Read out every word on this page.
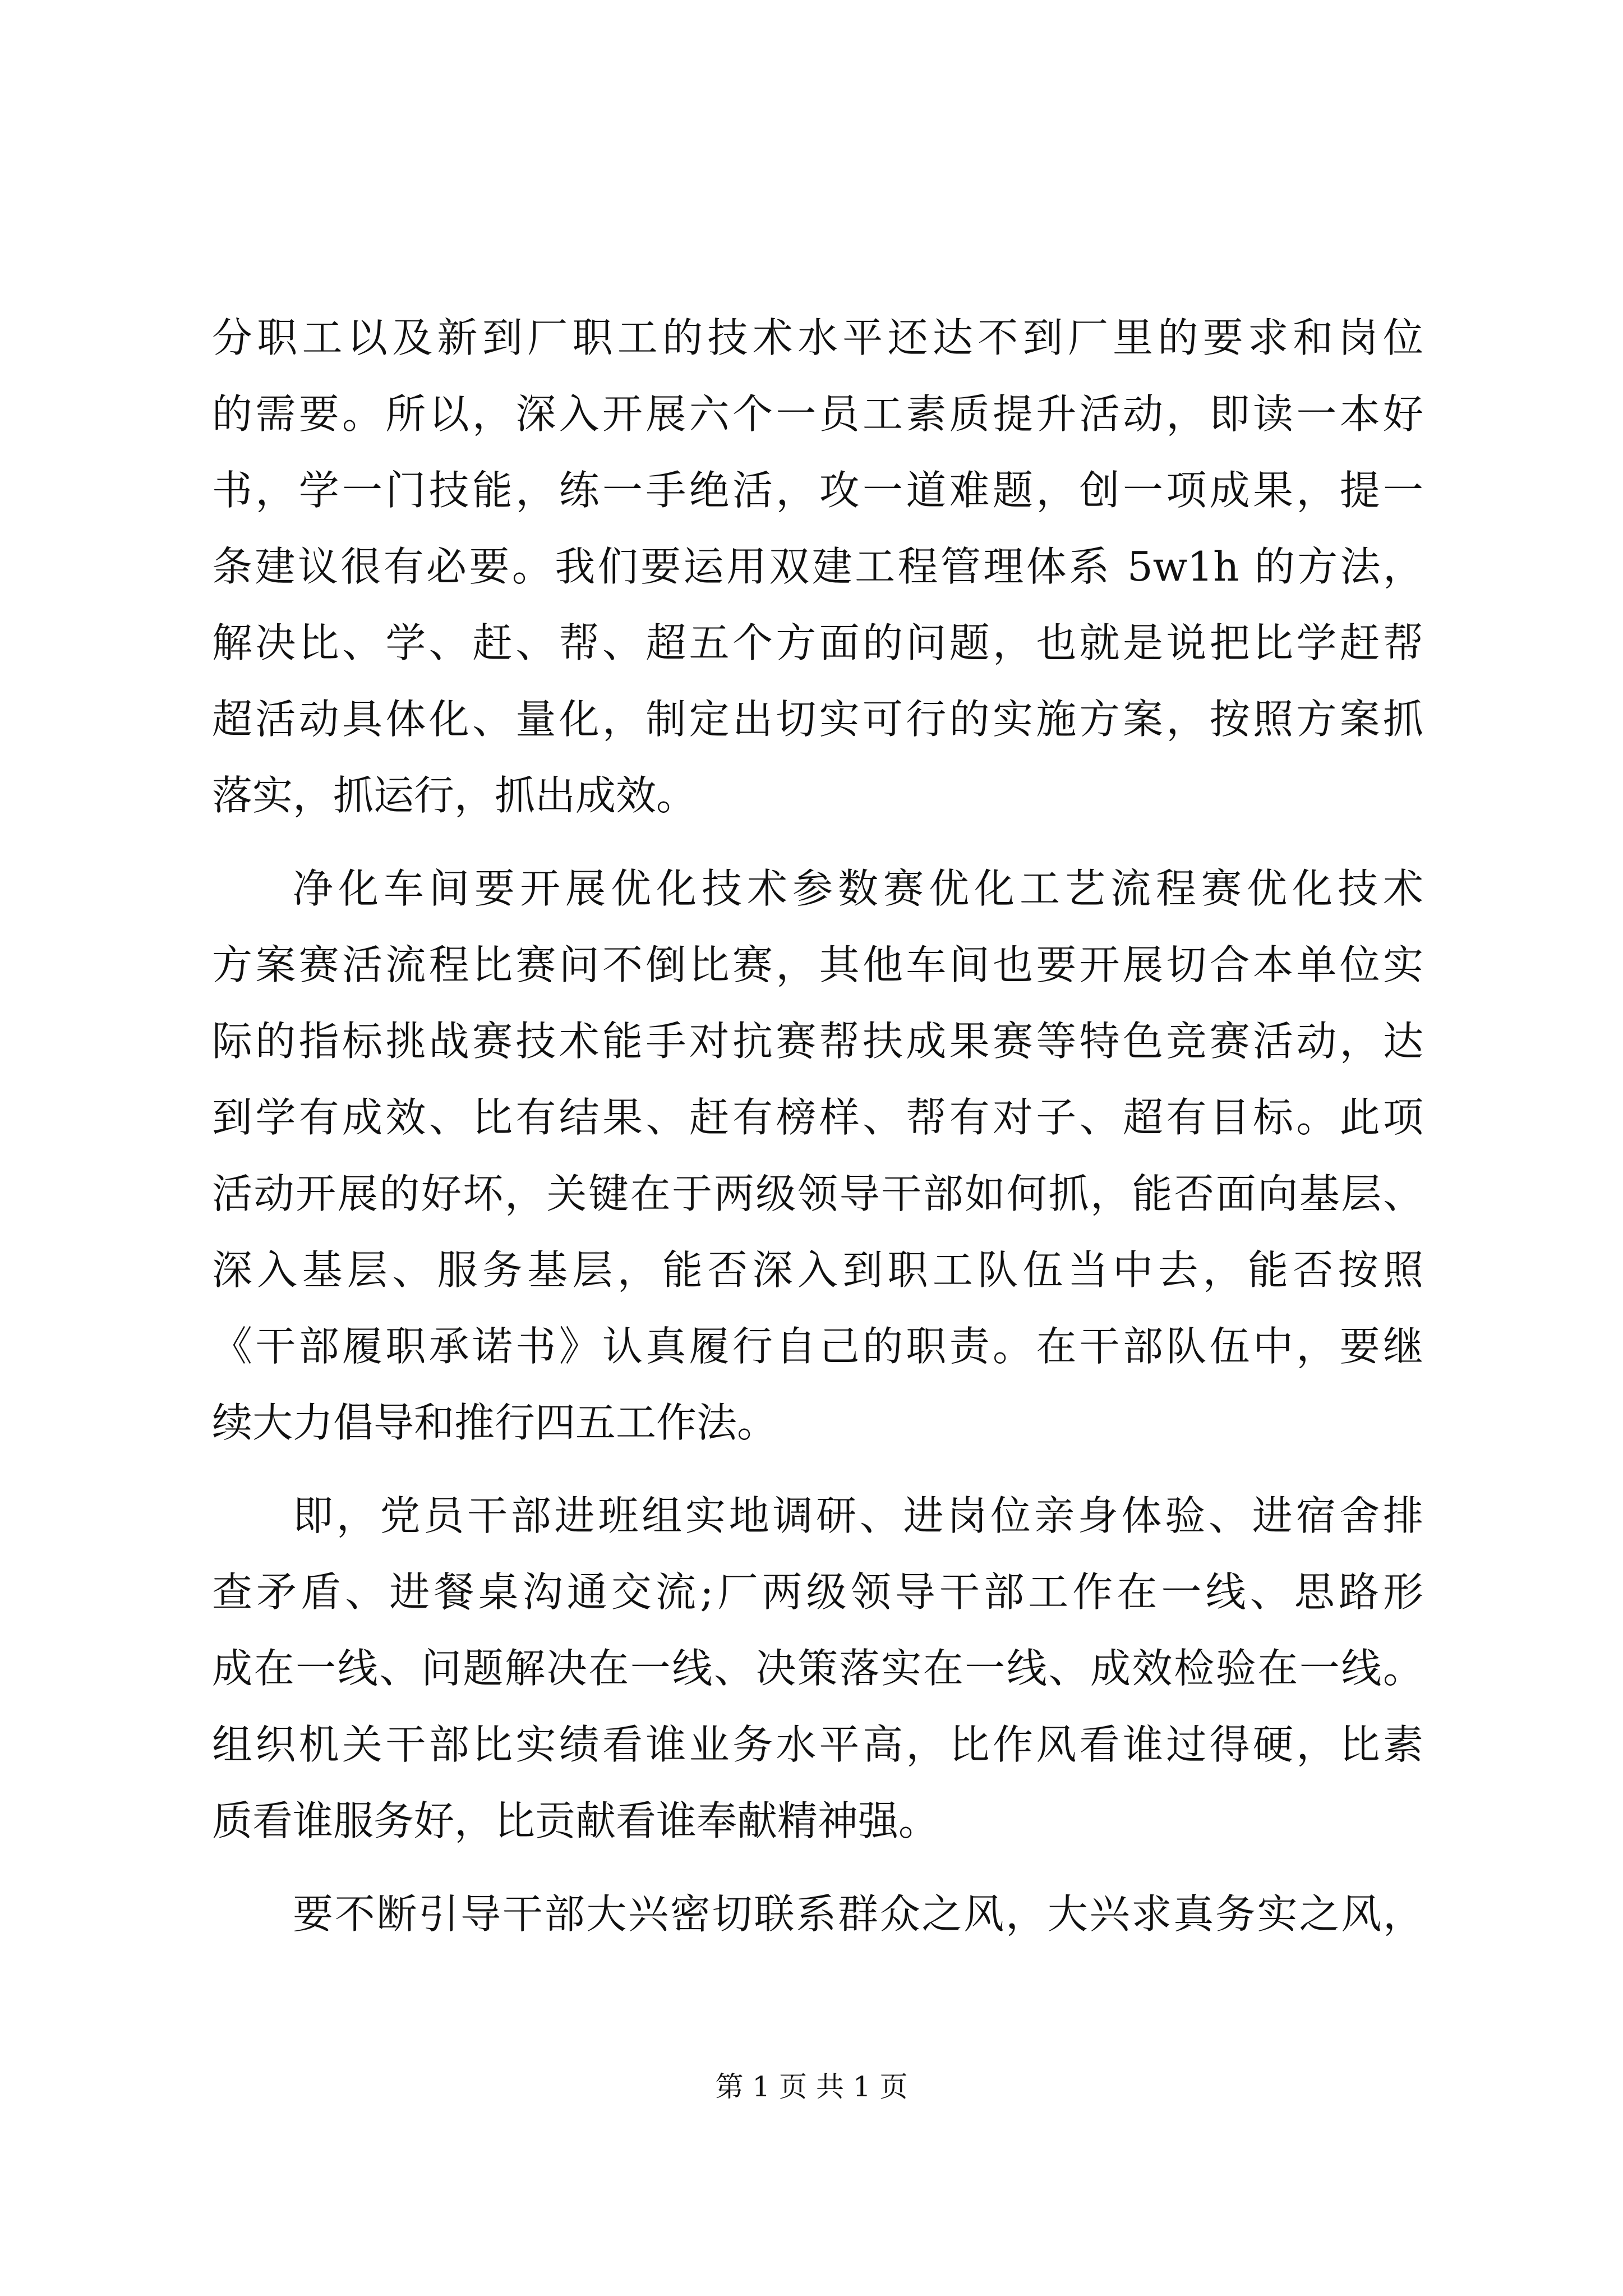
分职工以及新到厂职工的技术水平还达不到厂里的要求和岗位
的需要。所以，深入开展六个一员工素质提升活动，即读一本好
书，学一门技能，练一手绝活，攻一道难题，创一项成果，提一
条建议很有必要。我们要运用双建工程管理体系 5w1h 的方法，
解决比、学、赶、帮、超五个方面的问题，也就是说把比学赶帮
超活动具体化、量化，制定出切实可行的实施方案，按照方案抓
落实，抓运行，抓出成效。
净化车间要开展优化技术参数赛优化工艺流程赛优化技术
方案赛活流程比赛问不倒比赛，其他车间也要开展切合本单位实
际的指标挑战赛技术能手对抗赛帮扶成果赛等特色竞赛活动，达
到学有成效、比有结果、赶有榜样、帮有对子、超有目标。此项
活动开展的好坏，关键在于两级领导干部如何抓，能否面向基层、
深入基层、服务基层，能否深入到职工队伍当中去，能否按照
《干部履职承诺书》认真履行自己的职责。在干部队伍中，要继
续大力倡导和推行四五工作法。
即，党员干部进班组实地调研、进岗位亲身体验、进宿舍排
查矛盾、进餐桌沟通交流;厂两级领导干部工作在一线、思路形
成在一线、问题解决在一线、决策落实在一线、成效检验在一线。
组织机关干部比实绩看谁业务水平高，比作风看谁过得硬，比素
质看谁服务好，比贡献看谁奉献精神强。
要不断引导干部大兴密切联系群众之风，大兴求真务实之风，
第 1 页 共 1 页
